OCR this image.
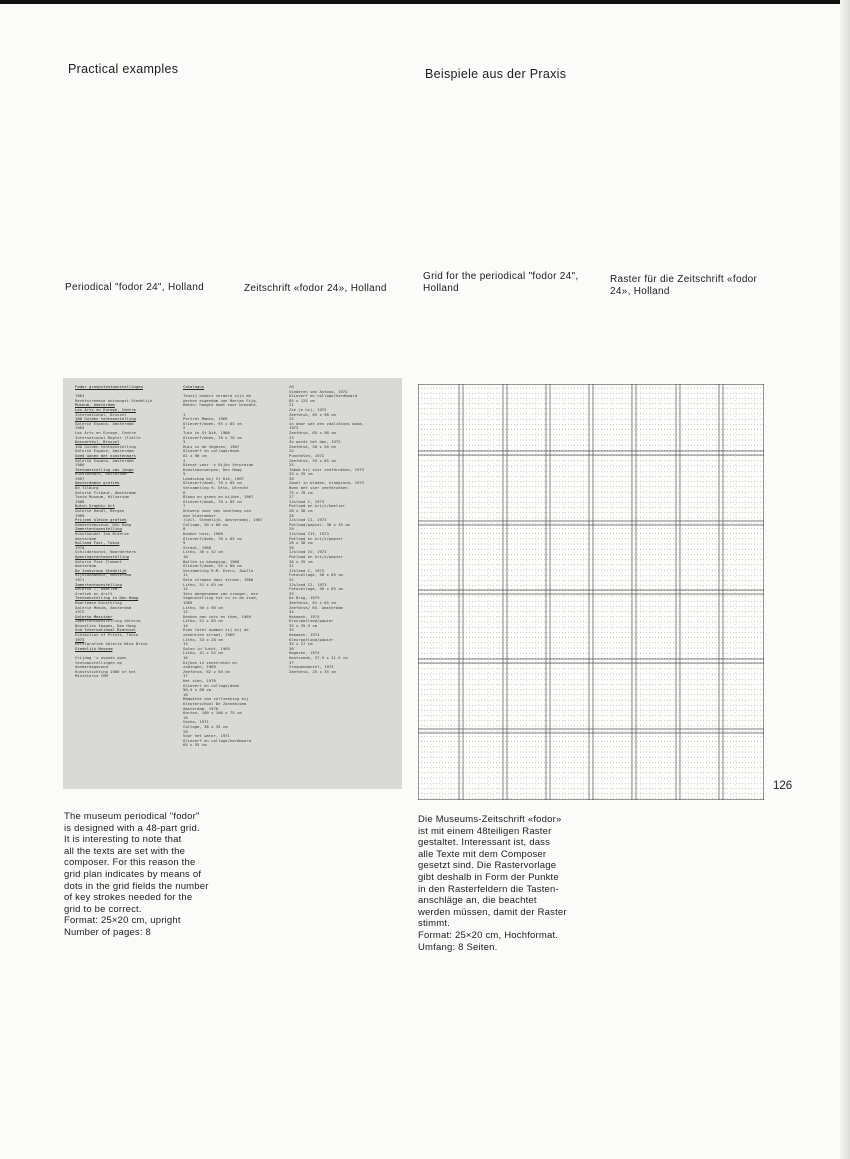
Practical examples	Beispiele aus der Praxis
Periodical "fodor 24", Holland	Zeitschrift «fodor 24», Holland
Grid for the periodical "fodor 24",
Holland
Raster für die Zeitschrift «fodor
24», Holland
Fodor groepstentoonstellingen
1964
Rechtstreekse ontvangst Stedelijk
Museum, Amsterdam
Les Arts en Europe, Centre
International, Brussel
100 Gulden tentoonstelling
Galerie Espace, Amsterdam
1965
Les Arts en Europe, Centre
International Mogler (Tielle
Descartes), Brussel
100 Gulden tentoonstelling
Galerie Espace, Amsterdam
Goed wonen met kunstenaars
Galerie Espace, Amsterdam
1966
Tentoonstelling van jonge
kunstenaars, Rotterdam
1967
Amsterdamse grafiek
De Tilburg
Galerie Fribaut, Amsterdam
Tonia Museum, Hilversum
1968
Dutch Graphic Art
Galerie Hendl, Bergen
1969
Prijzen kleine grafiek
Gemeentemuseum, Den Haag
Zomertentoonstelling
Kunsthandel Ina Broerse
Amsterdam
Holland Fair, Tokio
1970
Schilderkunst, Noorderkerk
Openingstentoonstelling
Galerie Piet Clement
Amsterdam
De Jonkvrouw Stedelijk
Rijksakademie, Amsterdam
1971
Zomertentoonstelling
Galerie 7, Haarlem
Grafiek en drift
Tentoonstelling in Den Haag
Haarlemse Kunstkring
Galerie Mokum, Amsterdam
1972
Galerie Messidor
Zomertentoonstelling Galerie
Nouvelles Images, Den Haag
2nd International Biennial
Exhibition of Prints, Tokio
1973
Kerstgrafiek Galerie Nina Brink
Stedelijk Museum
Vrijdag 's avonds open
tentoonstellingen op
donderdagavond
Kunststichting 1960 of het
Ministerie CRM
Catalogus
Tenzij anders vermeld zijn de
werken eigendom van Marian Fiig.
Maten: hoogte komt voor breedte.
1
Portret Mamie, 1969
Olieverf/doek, 95 x 85 cm
2
Tuin in St Dié, 1966
Olieverf/doek, 70 x 70 cm
3
Huis in de Vogezen, 1967
Olieverf en collage/doek
81 x 90 cm
4
Dievat voor 's Rijks Verpreide
Kunstvoorwerpen, Den Haag
5
Landschap bij St Dié, 1967
Olieverf/doek, 70 x 85 cm
Verzameling H. Otto, Utrecht
6
Blauw en groen en kijken, 1967
Olieverf/doek, 70 x 85 cm
7
Ontwerp voor een voorhang van
een kleermaker
(Coll. Stedelijk, Amsterdam), 1967
Collage, 50 x 60 cm
8
Donker huis, 1968
Olieverf/doek, 70 x 85 cm
9
Straat, 1968
Litho, 36 x 52 cm
10
Bollen in beweging, 1968
Olieverf/doek, 55 x 80 cm
Verzameling R.M. Evers, Zwolle
11
Gele strepen door straat, 1968
Litho, 51 x 65 cm
12
Iets meegenomen van vroeger, een
tegenstelling tot nu in de stad,
1969
Litho, 50 x 90 cm
13
Denken aan iets en thee, 1969
Litho, 51 x 65 cm
14
Even later kwamen zij bij de
zeventien straat, 1969
Litho, 33 x 28 cm
15
Galen in lucht, 1969
Litho, 41 x 52 cm
16
Kijken in zeestraten en
zodingen, 1969
Zeefdruk, 62 x 50 cm
17
Het zien, 1970
Olieverf en collage/doek
90.5 x 88 cm
18
Maquette van zelfzoeking bij
Kleuterschool De Zonnebloem
Amsterdam, 1970
Karton, 100 x 100 x 75 cm
19
Vacha, 1971
Collage, 38 x 35 cm
20
Voor het water, 1971
Olieverf en collage/hardboard
65 x 55 cm
20
Vinderen van Antona, 1972
Olieverf en collage/hardboard
85 x 125 cm
21
Zie je hij, 1972
Zeefdruk, 65 x 98 cm
22
In daar wat een zaalikloos boom,
1972
Zeefdruk, 65 x 98 cm
23
Ze wordt het dan, 1972
Zeefdruk, 50 x 50 cm
24
Punchelen, 1972
Zeefdruk, 55 x 65 cm
25
Tabak bij vier zeefdrukken, 1973
33 x 35 cm
26
Zowel in bladen, kladgrond, 1973
Boen met vier zeefdrukken
75 x 70 cm
27
IJsland I, 1973
Potlood en krijt/kaelier
28 x 38 cm
28
IJsland II, 1973
Potlood/papier, 38 x 35 cm
29
IJsland III, 1973
Potlood en krijt/papier
28 x 38 cm
30
IJsland IV, 1973
Potlood en krijt/papier
38 x 35 cm
31
IJsland I, 1973
Fotocollage, 50 x 65 cm
32
IJsland II, 1973
Fotocollage, 50 x 65 cm
33
De Brug, 1973
Zeefdruk, 61 x 65 cm
Zeefdruk/ RX. Amsterdam
34
Hokmach, 1974
Kleurpotlood/papier
35 x 35.5 cm
35
Hokmach, 1974
Kleurpotlood/papier
35 x 27 cm
36
Hogezen, 1974
Houtsnede, 37.5 x 31.5 cm
37
Vrouwenmantel, 1974
Zeefdruk, 25 x 35 cm
126
The museum periodical "fodor"
is designed with a 48-part grid.
It is interesting to note that
all the texts are set with the
composer. For this reason the
grid plan indicates by means of
dots in the grid fields the number
of key strokes needed for the
grid to be correct.
Format: 25×20 cm, upright
Number of pages: 8
Die Museums-Zeitschrift «fodor»
ist mit einem 48teiligen Raster
gestaltet. Interessant ist, dass
alle Texte mit dem Composer
gesetzt sind. Die Rastervorlage
gibt deshalb in Form der Punkte
in den Rasterfeldern die Tasten-
anschläge an, die beachtet
werden müssen, damit der Raster
stimmt.
Format: 25×20 cm, Hochformat.
Umfang: 8 Seiten.
